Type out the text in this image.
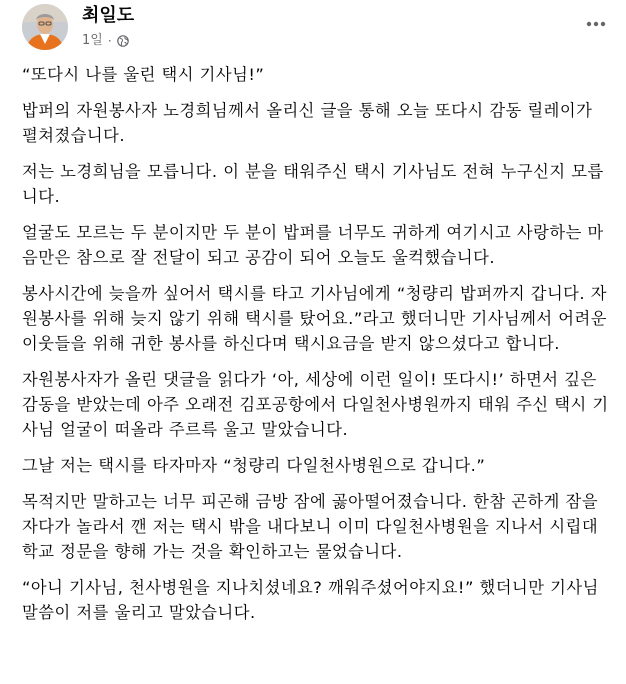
최일도
1일 ·

“또다시 나를 울린 택시 기사님!”

밥퍼의 자원봉사자 노경희님께서 올리신 글을 통해 오늘 또다시 감동 릴레이가 펼쳐졌습니다.

저는 노경희님을 모릅니다. 이 분을 태워주신 택시 기사님도 전혀 누구신지 모릅니다.

얼굴도 모르는 두 분이지만 두 분이 밥퍼를 너무도 귀하게 여기시고 사랑하는 마음만은 참으로 잘 전달이 되고 공감이 되어 오늘도 울컥했습니다.

봉사시간에 늦을까 싶어서 택시를 타고 기사님에게 “청량리 밥퍼까지 갑니다. 자원봉사를 위해 늦지 않기 위해 택시를 탔어요.”라고 했더니만 기사님께서 어려운 이웃들을 위해 귀한 봉사를 하신다며 택시요금을 받지 않으셨다고 합니다.

자원봉사자가 올린 댓글을 읽다가 ‘아, 세상에 이런 일이! 또다시!’ 하면서 깊은 감동을 받았는데 아주 오래전 김포공항에서 다일천사병원까지 태워 주신 택시 기사님 얼굴이 떠올라 주르륵 울고 말았습니다.

그날 저는 택시를 타자마자 “청량리 다일천사병원으로 갑니다.”

목적지만 말하고는 너무 피곤해 금방 잠에 곯아떨어졌습니다. 한참 곤하게 잠을 자다가 놀라서 깬 저는 택시 밖을 내다보니 이미 다일천사병원을 지나서 시립대학교 정문을 향해 가는 것을 확인하고는 물었습니다.

“아니 기사님, 천사병원을 지나치셨네요? 깨워주셨어야지요!” 했더니만 기사님 말씀이 저를 울리고 말았습니다.
